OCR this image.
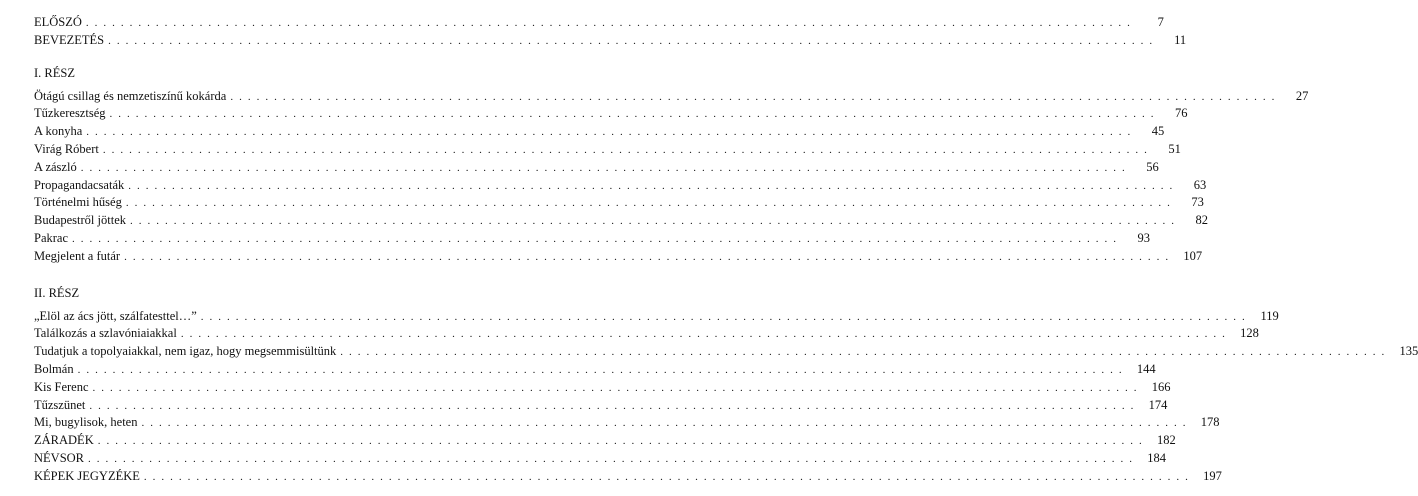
ELŐSZÓ ........................................................................................................................	7
BEVEZETÉS ........................................................................................................................	11
I. RÉSZ
Ötágú csillag és nemzetiszínű kokárda ........................................................................................................................	27
Tűzkeresztség ........................................................................................................................	76
A konyha ........................................................................................................................	45
Virág Róbert ........................................................................................................................	51
A zászló ........................................................................................................................	56
Propagandacsaták ........................................................................................................................	63
Történelmi hűség ........................................................................................................................	73
Budapestről jöttek ........................................................................................................................	82
Pakrac ........................................................................................................................	93
Megjelent a futár ........................................................................................................................ 107
II. RÉSZ
„Elöl az ács jött, szálfatesttel…” ........................................................................................................................ 119
Találkozás a szlavóniaiakkal ........................................................................................................................ 128
Tudatjuk a topolyaiakkal, nem igaz, hogy megsemmisültünk ........................................................................................................................ 135
Bolmán ........................................................................................................................ 144
Kis Ferenc ........................................................................................................................ 166
Tűzszünet ........................................................................................................................ 174
Mi, bugylisok, heten ........................................................................................................................ 178
ZÁRADÉK ........................................................................................................................ 182
NÉVSOR ........................................................................................................................ 184
KÉPEK JEGYZÉKE ........................................................................................................................ 197
